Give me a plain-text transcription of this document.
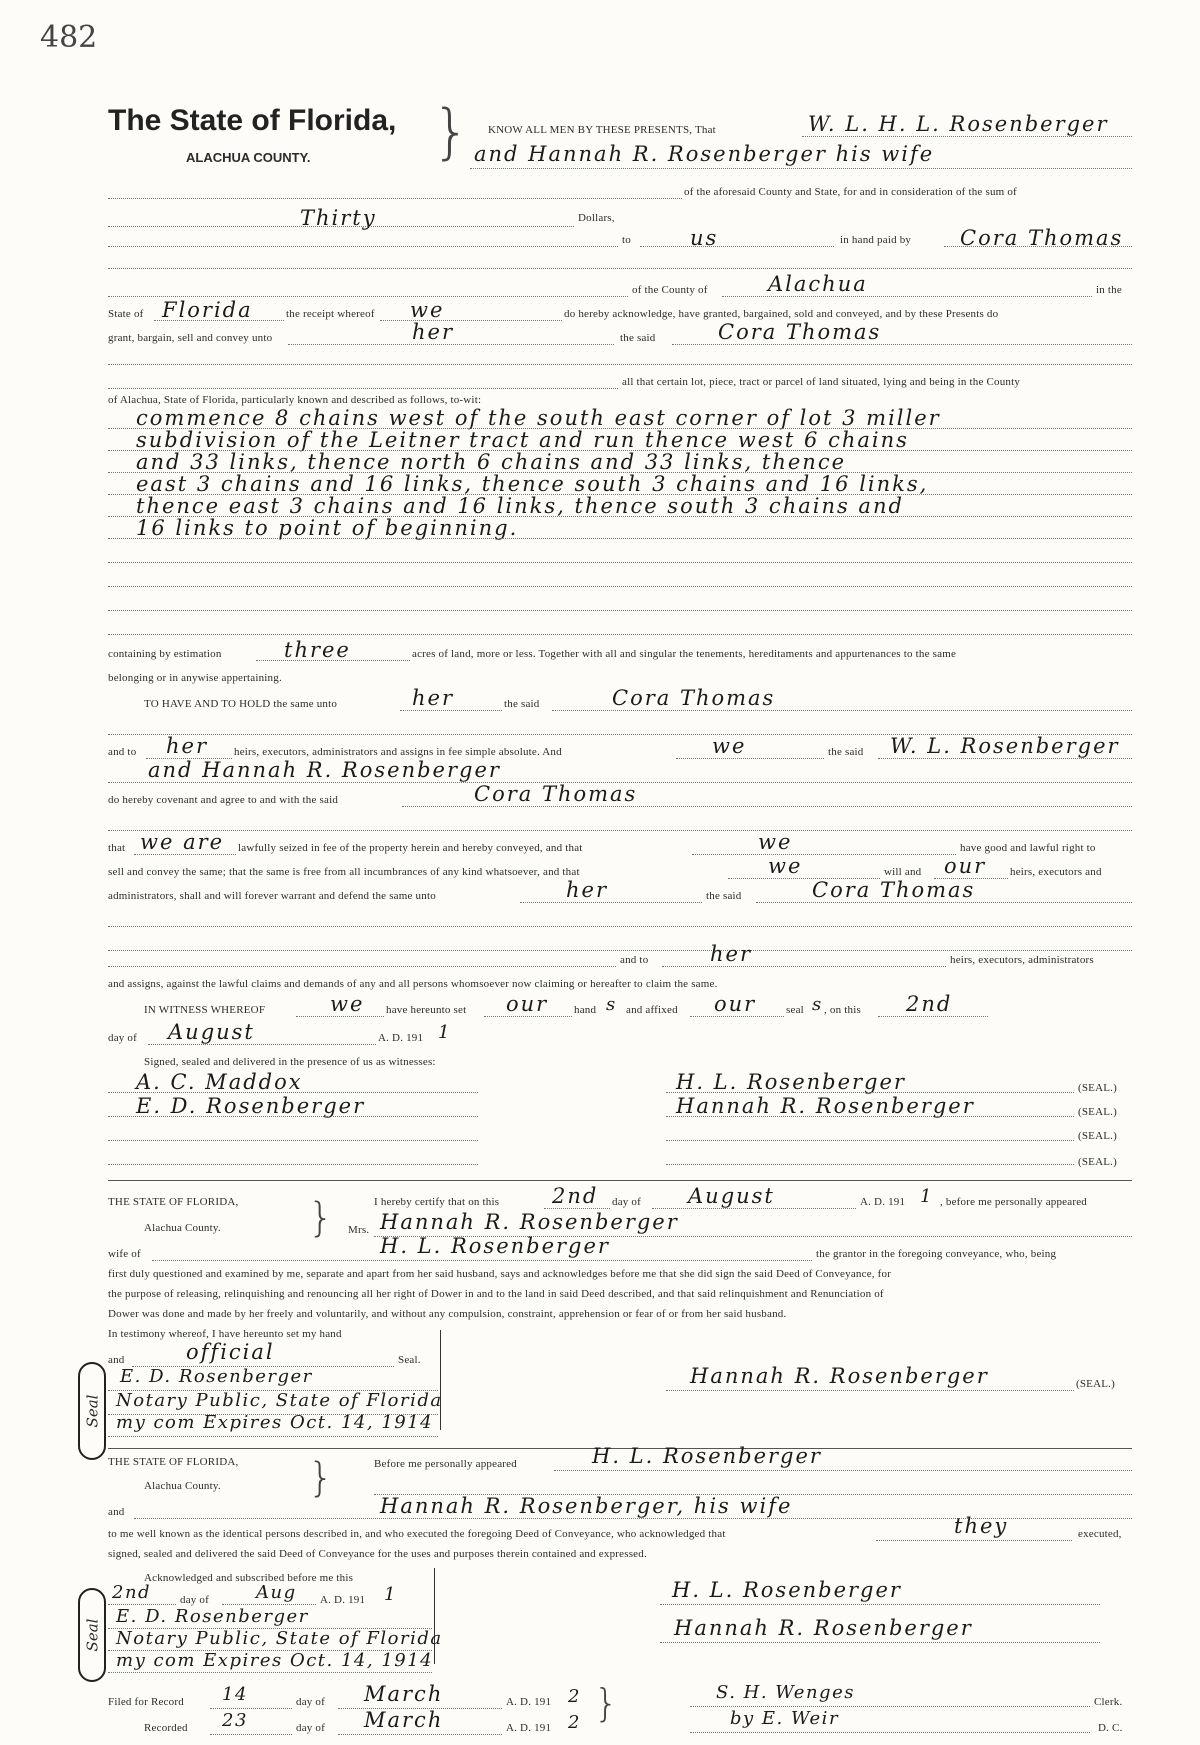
482
The State of Florida,
ALACHUA COUNTY. } KNOW ALL MEN BY THESE PRESENTS, That	W. L. H. L. Rosenberger
and Hannah R. Rosenberger his wife
of the aforesaid County and State, for and in consideration of the sum of
Thirty	Dollars,
to	us	in hand paid by Cora Thomas
of the County of	Alachua	in the
State of Florida	the receipt whereof we	do hereby acknowledge, have granted, bargained, sold and conveyed, and by these Presents do
grant, bargain, sell and convey unto	her	the said	Cora Thomas
all that certain lot, piece, tract or parcel of land situated, lying and being in the County
of Alachua, State of Florida, particularly known and described as follows, to-wit:
commence 8 chains west of the south east corner of lot 3 miller
subdivision of the Leitner tract and run thence west 6 chains
and 33 links, thence north 6 chains and 33 links, thence
east 3 chains and 16 links, thence south 3 chains and 16 links,
thence east 3 chains and 16 links, thence south 3 chains and
16 links to point of beginning.
containing by estimation	three	acres of land, more or less. Together with all and singular the tenements, hereditaments and appurtenances to the same
belonging or in anywise appertaining.
TO HAVE AND TO HOLD the same unto	her	the said	Cora Thomas
and to her heirs, executors, administrators and assigns in fee simple absolute. And	we	the said W. L. Rosenberger
and Hannah R. Rosenberger
do hereby covenant and agree to and with the said	Cora Thomas
that we are lawfully seized in fee of the property herein and hereby conveyed, and that	we	have good and lawful right to
sell and convey the same; that the same is free from all incumbrances of any kind whatsoever, and that	we	will and our heirs, executors and
administrators, shall and will forever warrant and defend the same unto	her	the said	Cora Thomas
and to	her	heirs, executors, administrators
and assigns, against the lawful claims and demands of any and all persons whomsoever now claiming or hereafter to claim the same.
IN WITNESS WHEREOF	we have hereunto set our hand s and affixed our	seal s , on this 2nd
day of August	A. D. 191 1
Signed, sealed and delivered in the presence of us as witnesses:
A. C. Maddox
E. D. Rosenberger
H. L. Rosenberger	(SEAL.)
Hannah R. Rosenberger	(SEAL.)
(SEAL.)
(SEAL.)
THE STATE OF FLORIDA,
Alachua County. }	I hereby certify that on this	2nd day of August	A. D. 191 1 , before me personally appeared
Mrs. Hannah R. Rosenberger
wife of	H. L. Rosenberger	the grantor in the foregoing conveyance, who, being
first duly questioned and examined by me, separate and apart from her said husband, says and acknowledges before me that she did sign the said Deed of Conveyance, for
the purpose of releasing, relinquishing and renouncing all her right of Dower in and to the land in said Deed described, and that said relinquishment and Renunciation of
Dower was done and made by her freely and voluntarily, and without any compulsion, constraint, apprehension or fear of or from her said husband.
In testimony whereof, I have hereunto set my hand
and	official	Seal.
Seal
E. D. Rosenberger
Notary Public, State of Florida
my com Expires Oct. 14, 1914
Hannah R. Rosenberger	(SEAL.)
THE STATE OF FLORIDA,
Alachua County. }	Before me personally appeared	H. L. Rosenberger
and	Hannah R. Rosenberger, his wife
to me well known as the identical persons described in, and who executed the foregoing Deed of Conveyance, who acknowledged that	they	executed,
signed, sealed and delivered the said Deed of Conveyance for the uses and purposes therein contained and expressed.
Acknowledged and subscribed before me this
2nd	day of	Aug A. D. 191 1
Seal
E. D. Rosenberger
Notary Public, State of Florida
my com Expires Oct. 14, 1914
H. L. Rosenberger
Hannah R. Rosenberger
Filed for Record 14	day of March	A. D. 191 2
Recorded 23	day of March	A. D. 191 2 }	S. H. Wenges	Clerk.
by E. Weir	D. C.
